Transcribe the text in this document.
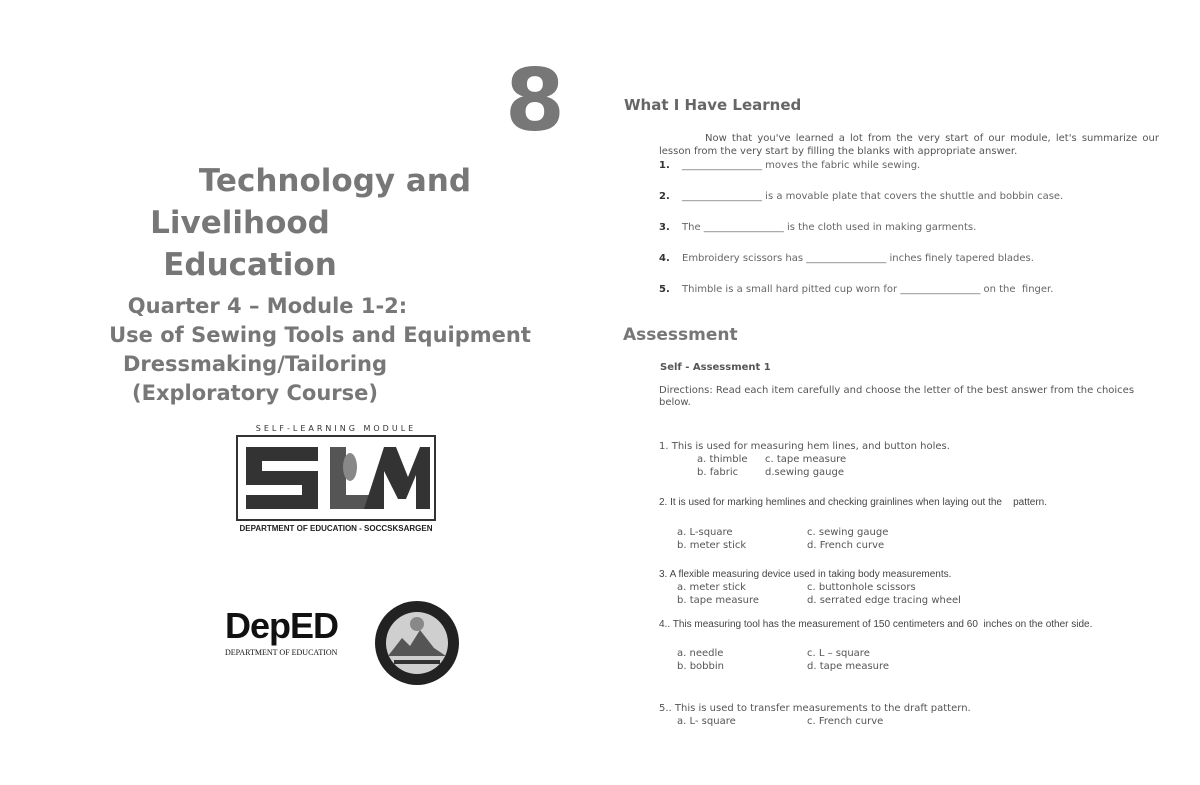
8
Technology and
Livelihood
Education
Quarter 4 – Module 1-2:
Use of Sewing Tools and Equipment
Dressmaking/Tailoring
(Exploratory Course)
SELF-LEARNING MODULE
DEPARTMENT OF EDUCATION - SOCCSKSARGEN
DepED
DEPARTMENT OF EDUCATION
What I Have Learned
Now that you've learned a lot from the very start of our module, let's summarize our lesson from the very start by filling the blanks with appropriate answer.
1. ________________ moves the fabric while sewing.
2. ________________ is a movable plate that covers the shuttle and bobbin case.
3. The ________________ is the cloth used in making garments.
4. Embroidery scissors has ________________ inches finely tapered blades.
5. Thimble is a small hard pitted cup worn for ________________ on the  finger.
Assessment
Self - Assessment 1
Directions: Read each item carefully and choose the letter of the best answer from the choices below.
1. This is used for measuring hem lines, and button holes.
a. thimble c. tape measure
b. fabric	d.sewing gauge
2. It is used for marking hemlines and checking grainlines when laying out the    pattern.
a. L-square	c. sewing gauge
b. meter stick	d. French curve
3. A flexible measuring device used in taking body measurements.
a. meter stick	c. buttonhole scissors
b. tape measure	d. serrated edge tracing wheel
4.. This measuring tool has the measurement of 150 centimeters and 60  inches on the other side.
a. needle	c. L – square
b. bobbin	d. tape measure
5.. This is used to transfer measurements to the draft pattern.
a. L- square	c. French curve
